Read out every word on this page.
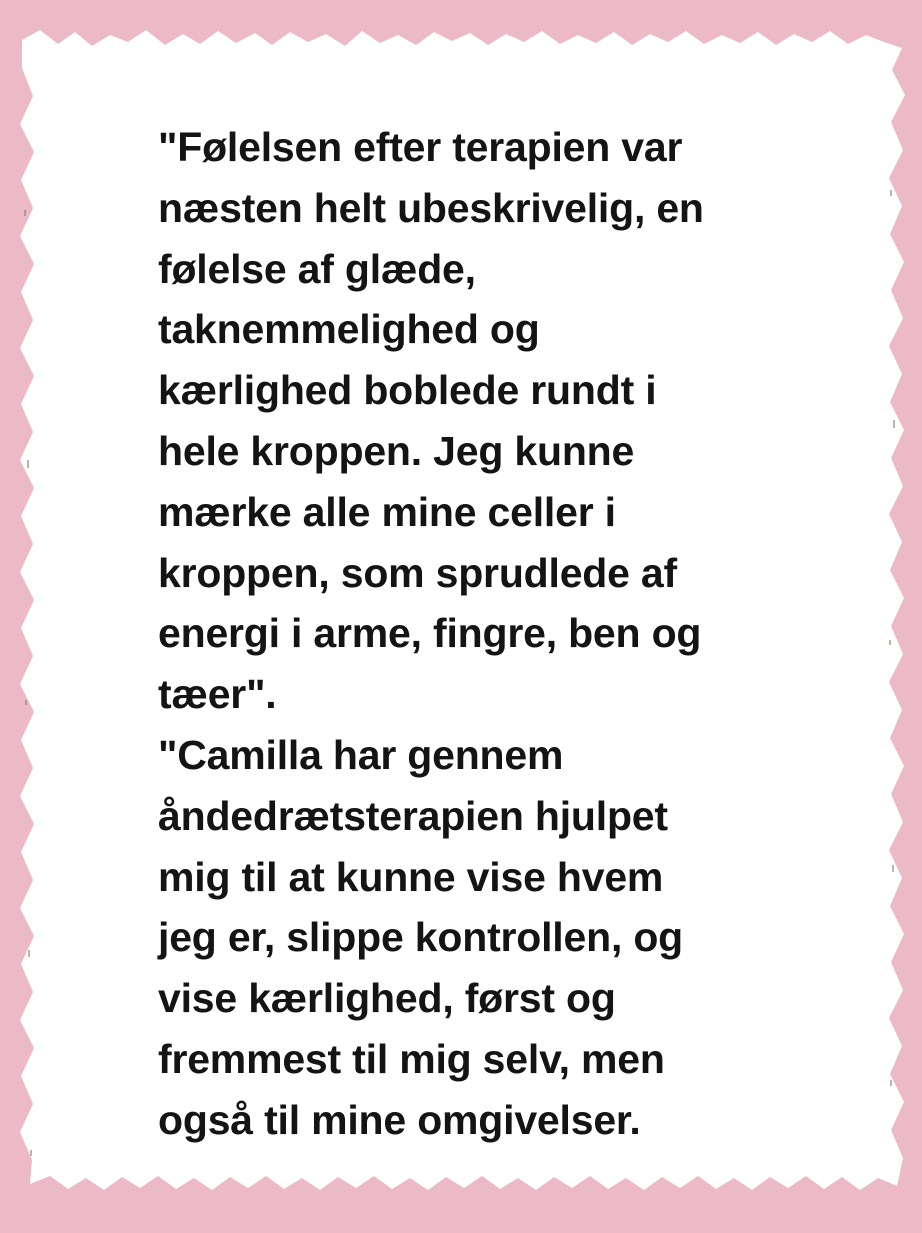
"Følelsen efter terapien var
næsten helt ubeskrivelig, en
følelse af glæde,
taknemmelighed og
kærlighed boblede rundt i
hele kroppen. Jeg kunne
mærke alle mine celler i
kroppen, som sprudlede af
energi i arme, fingre, ben og
tæer".
"Camilla har gennem
åndedrætsterapien hjulpet
mig til at kunne vise hvem
jeg er, slippe kontrollen, og
vise kærlighed, først og
fremmest til mig selv, men
også til mine omgivelser.
